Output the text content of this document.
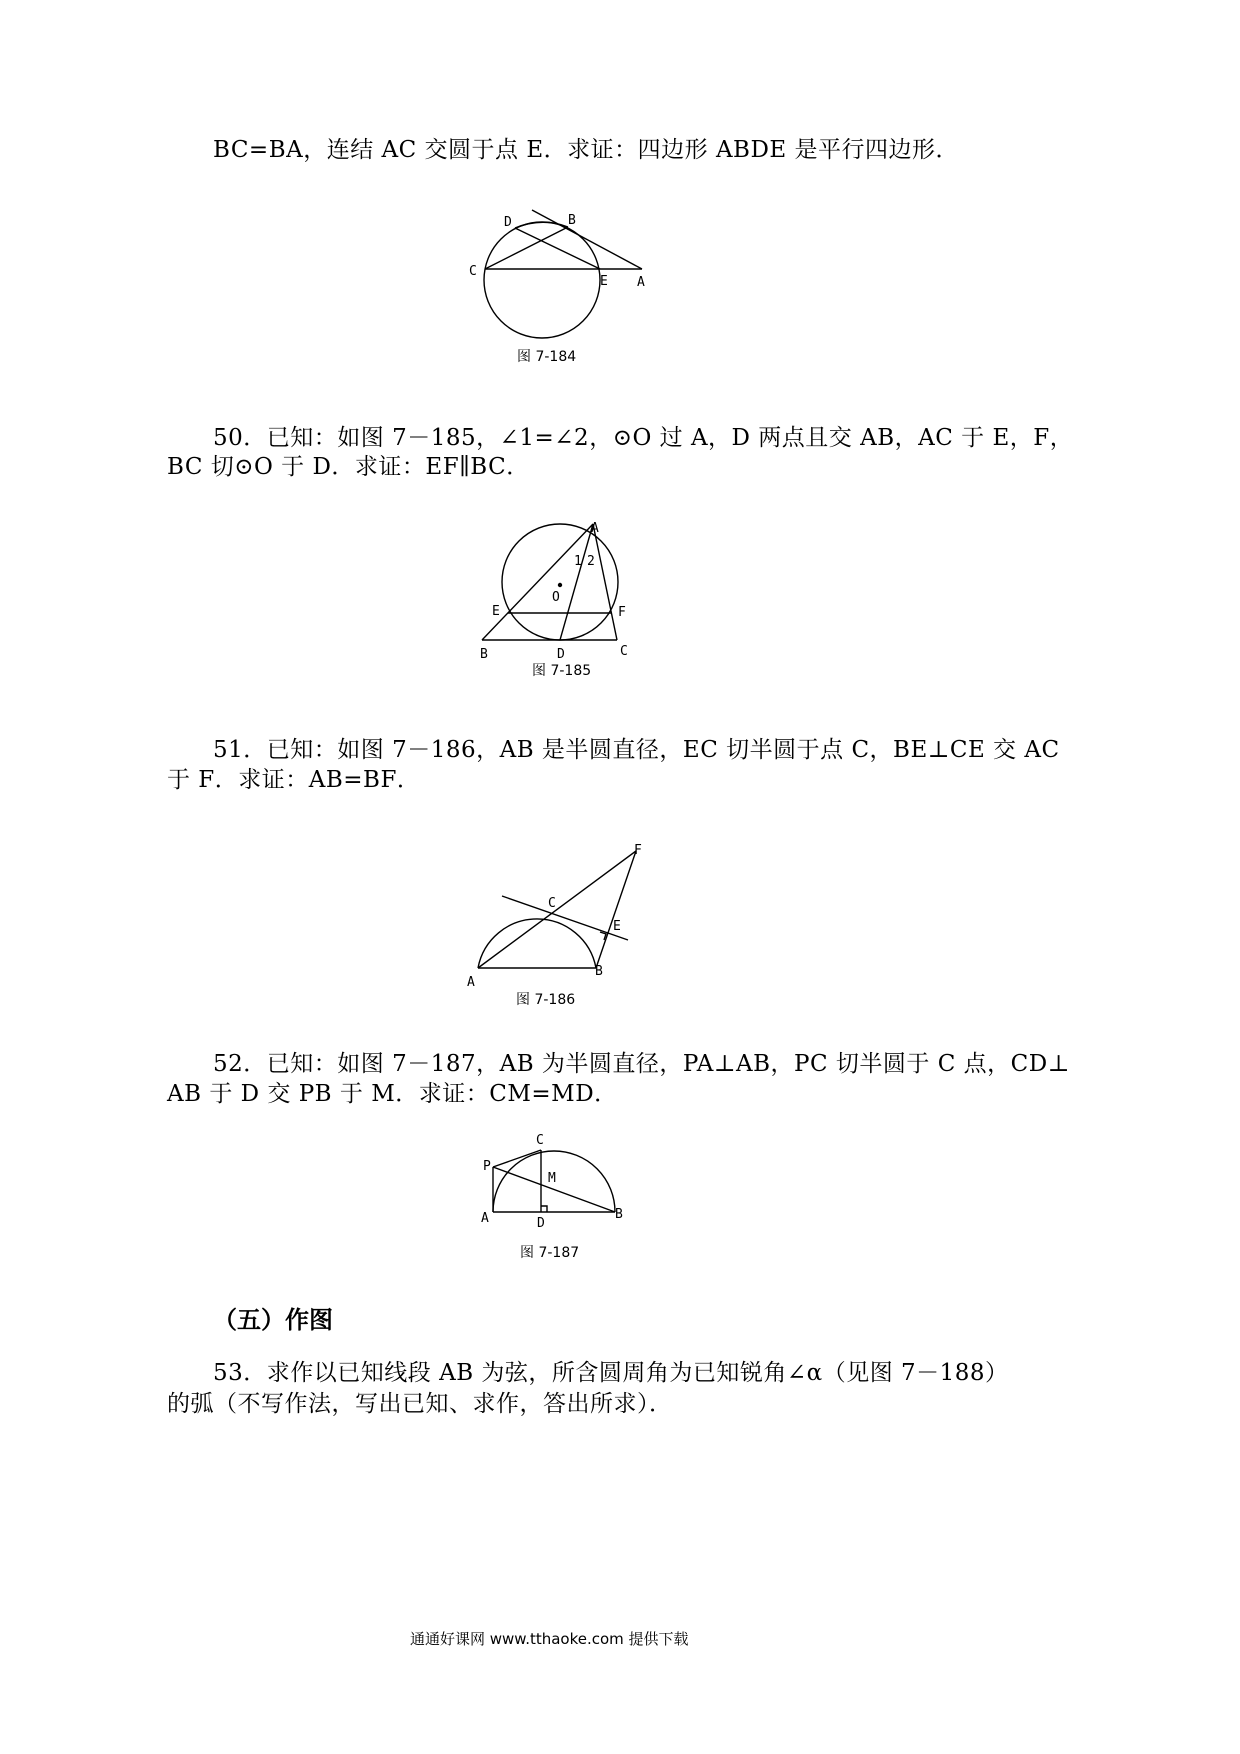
BC=BA，连结 AC 交圆于点 E．求证：四边形 ABDE 是平行四边形．
D	B
C
E A
图 7-184
50．已知：如图 7－185，∠1=∠2，⊙O 过 A，D 两点且交 AB，AC 于 E，F，
BC 切⊙O 于 D．求证：EF∥BC．
A
1 2
O
E	F
B	D	C
图 7-185
51．已知：如图 7－186，AB 是半圆直径，EC 切半圆于点 C，BE⊥CE 交 AC
于 F．求证：AB=BF．
F
C
E
A
B
图 7-186
52．已知：如图 7－187，AB 为半圆直径，PA⊥AB，PC 切半圆于 C 点，CD⊥
AB 于 D 交 PB 于 M．求证：CM=MD．
C
P
M
A	D
B
图 7-187
（五）作图
53．求作以已知线段 AB 为弦，所含圆周角为已知锐角∠α（见图 7－188）
的弧（不写作法，写出已知、求作，答出所求）．
通通好课网 www.tthaoke.com 提供下载
